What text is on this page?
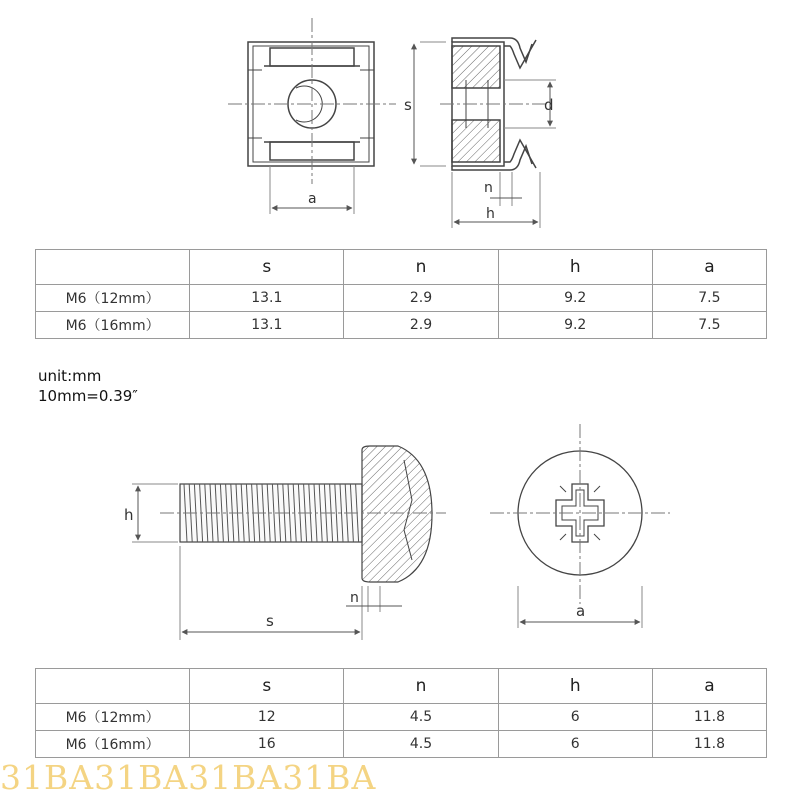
a
s	d
n
h
h
n
s
a
	s	n	h	a
M6（12mm）	13.1	2.9	9.2	7.5
M6（16mm）	13.1	2.9	9.2	7.5
unit:mm
10mm=0.39″
	s	n	h	a
M6（12mm）	12	4.5	6	11.8
M6（16mm）	16	4.5	6	11.8
31BA31BA31BA31BA
